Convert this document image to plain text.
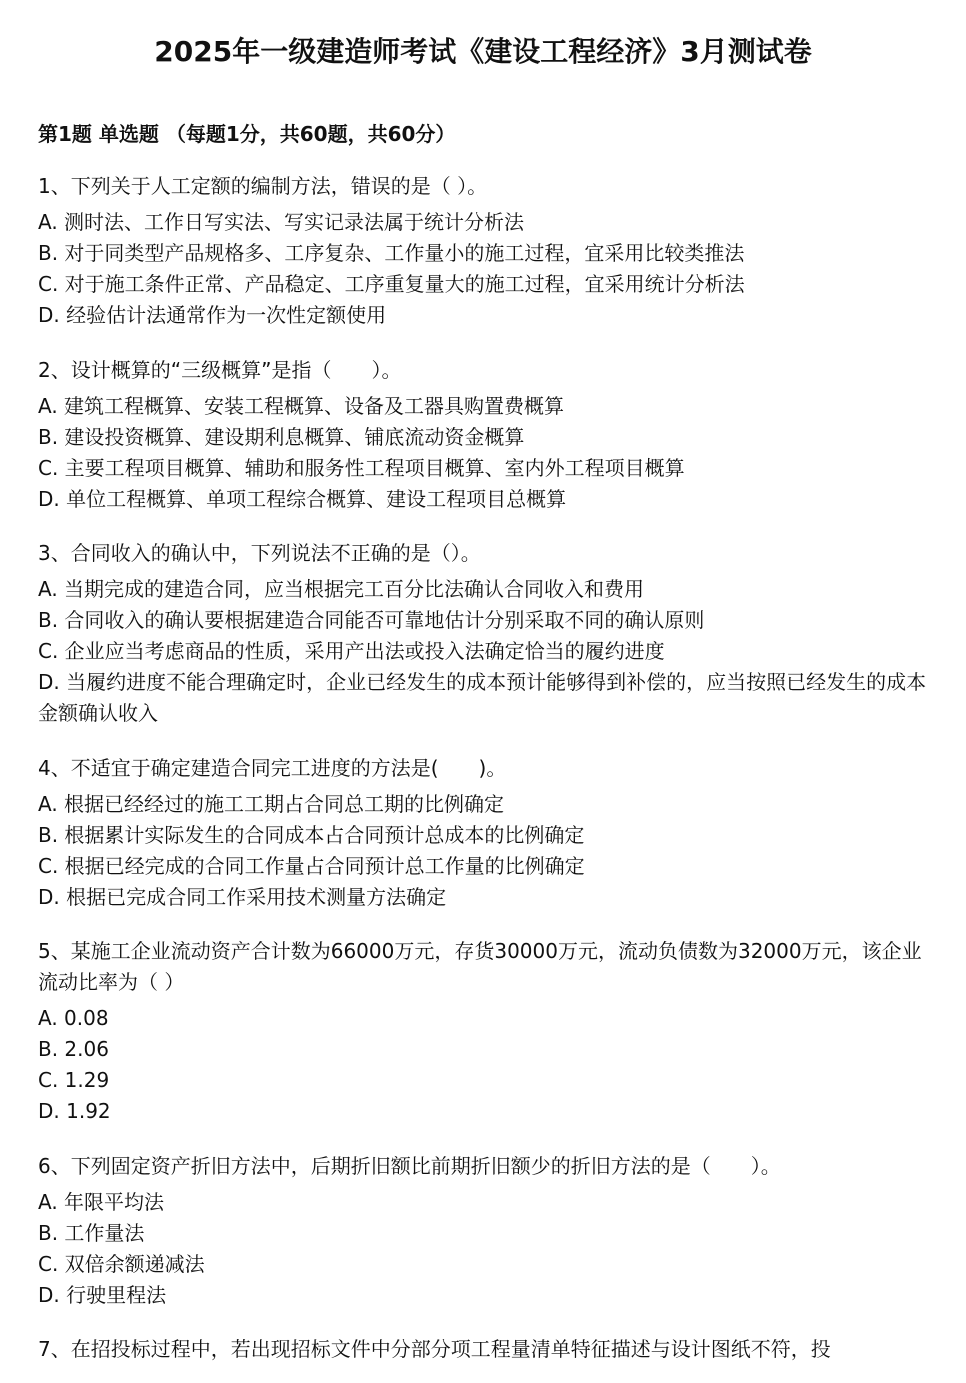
2025年一级建造师考试《建设工程经济》3月测试卷
第1题 单选题 （每题1分，共60题，共60分）
1、下列关于人工定额的编制方法，错误的是（ ）。
A. 测时法、工作日写实法、写实记录法属于统计分析法
B. 对于同类型产品规格多、工序复杂、工作量小的施工过程，宜采用比较类推法
C. 对于施工条件正常、产品稳定、工序重复量大的施工过程，宜采用统计分析法
D. 经验估计法通常作为一次性定额使用
2、设计概算的“三级概算”是指（　　）。
A. 建筑工程概算、安装工程概算、设备及工器具购置费概算
B. 建设投资概算、建设期利息概算、铺底流动资金概算
C. 主要工程项目概算、辅助和服务性工程项目概算、室内外工程项目概算
D. 单位工程概算、单项工程综合概算、建设工程项目总概算
3、合同收入的确认中，下列说法不正确的是（）。
A. 当期完成的建造合同，应当根据完工百分比法确认合同收入和费用
B. 合同收入的确认要根据建造合同能否可靠地估计分别采取不同的确认原则
C. 企业应当考虑商品的性质，采用产出法或投入法确定恰当的履约进度
D. 当履约进度不能合理确定时，企业已经发生的成本预计能够得到补偿的，应当按照已经发生的成本金额确认收入
4、不适宜于确定建造合同完工进度的方法是(　　)。
A. 根据已经经过的施工工期占合同总工期的比例确定
B. 根据累计实际发生的合同成本占合同预计总成本的比例确定
C. 根据已经完成的合同工作量占合同预计总工作量的比例确定
D. 根据已完成合同工作采用技术测量方法确定
5、某施工企业流动资产合计数为66000万元，存货30000万元，流动负债数为32000万元，该企业流动比率为（ ）
A. 0.08
B. 2.06
C. 1.29
D. 1.92
6、下列固定资产折旧方法中，后期折旧额比前期折旧额少的折旧方法的是（　　）。
A. 年限平均法
B. 工作量法
C. 双倍余额递减法
D. 行驶里程法
7、在招投标过程中，若出现招标文件中分部分项工程量清单特征描述与设计图纸不符，投
